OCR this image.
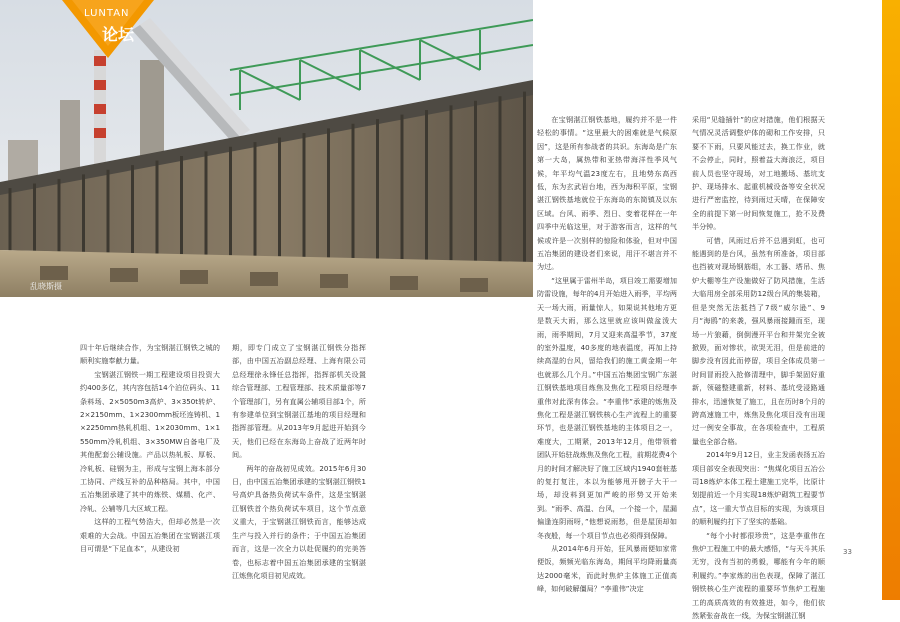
乱晓斯摄
LUNTAN
论坛

四十年后继续合作，为宝钢湛江钢铁之城的顺利实施奉献力量。

宝钢湛江钢铁一期工程建设项目投资大约400多亿，其内容包括14个泊位码头、11条料场、2×5050m3高炉、3×350t转炉、2×2150mm、1×2300mm板坯连铸机、1×2250mm热轧机组、1×2030mm、1×1550mm冷轧机组、3×350MW自备电厂及其他配套公辅设施。产品以热轧板、厚板、冷轧板、硅钢为主，形成与宝钢上海本部分工协同、产线互补的品种格局。其中，中国五冶集团承建了其中的炼铁、煤精、化产、冷轧、公辅等几大区域工程。

这样的工程气势浩大，但却必然是一次艰难的大会战。中国五冶集团在宝钢湛江项目可谓是“下足血本”，从建设初

期，即专门成立了宝钢湛江钢铁分指挥部，由中国五冶副总经理、上海有限公司总经理徐永锋任总指挥，指挥部机关设置综合管理部、工程管理部、技术质量部等7个管理部门，另有直属公辅项目部1个，所有参建单位到宝钢湛江基地的项目经理和指挥部管理。从2013年9月起进开始到今天，他们已经在东海岛上奋战了近两年时间。

两年的奋战初见成效。2015年6月30日，由中国五冶集团承建的宝钢湛江钢铁1号高炉具备热负荷试车条件，这是宝钢湛江钢铁首个热负荷试车项目，这个节点意义重大，于宝钢湛江钢铁而言，能够达成生产与投入并行的条件；于中国五冶集团而言，这是一次全力以赴促履约的完美答卷，也标志着中国五冶集团承建的宝钢湛江炼焦化项目初见成效。

在宝钢湛江钢铁基地，履约并不是一件轻松的事情。“这里最大的困难就是气候原因”，这是所有参战者的共识。东海岛是广东第一大岛，属热带和亚热带海洋性季风气候，年平均气温23度左右，且地势东高西低，东为玄武岩台地，西为海积平原，宝钢湛江钢铁基地就位于东海岛的东简镇及以东区域。台风、雨季、烈日、变着花样在一年四季中光临这里，对于游客而言，这样的气候或许是一次别样的惊险和体验，但对中国五冶集团的建设者们来说，用汗不堪言并不为过。

“这里属于雷州半岛，项目竣工需要增加防雷设施，每年的4月开始进入雨季，平均两天一场大雨，雨量惊人，如果说其他地方更是数天大雨，那么这里就应该叫做盆泼大雨，雨季期间，7月又迎来高温季节，37度的室外温度，40多度的地表温度，再加上持续高湿的台风，留给我们的施工黄金期一年也就那么几个月。”中国五冶集团宝钢广东湛江钢铁基地项目炼焦及焦化工程项目经理李重伟对此深有体会。“李重伟”承建的炼焦及焦化工程是湛江钢铁核心生产流程上的重要环节，也是湛江钢铁基地的主体项目之一，难度大，工期紧，2013年12月，他带领着团队开始驻战炼焦及焦化工程，前期花费4个月的时间才解决好了施工区域内1940套桩基的复打复注，本以为能够甩开膀子大干一场，却没料到更加严峻的形势又开始来到。“雨季、高温、台风，一个接一个，屋漏偏逢连阴雨呀，”他想说雨愁，但是屋顶却如冬夜般，每一个项目节点也必须得到保障。

从2014年6月开始，狂风暴雨便如家常便饭，频频光临东海岛，期间平均降雨量高达2000毫米，而此时焦炉主体施工正值高峰，如何破解僵局？“李重伟”决定

采用“见缝插针”的应对措施，他们根据天气情况灵活调整炉体的砌和工作安排，只要不下雨，只要风能过去，换工作业，就不会停止，同时，照着益大海浪泛，项目前人员也坚守现场，对工地搬场、基坑支护、现场排水、起重机械设备等安全状况进行严密监控，待到雨过天晴，在保障安全的前提下第一时间恢复施工，抢不及费半分钟。

可惜，风雨过后并不总遇到虹，也可能遇到的是台风，虽然有所准备，项目部也挡被对现场钢筋组，水工器、塔吊、焦炉大棚等生产设施做好了防风措施，生活大临用房全部采用防12级台风的集装箱，但是突然无法抵挡了7级“威尔逊”、9月“海鸥”的来袭，强风暴雨接踵而至，现场一片狼藉，倒倒漫开平台和井架完全被掀毁，面对惨状，欲哭无泪，但是前进的脚步没有因此而停留，项目全体成员第一时间冒雨投入抢修清理中，脚手架固好重新，领磁整建重新，材料、基坑受浸路通排水，迅速恢复了施工，且在历时8个月的跨高速施工中，炼焦及焦化项目没有出现过一例安全事故，在各项检查中，工程质量也全部合格。

2014年9月12日，业主发函表扬五冶项目部安全表现突出：“焦煤化项目五冶公司18炼炉本体工程土建施工完毕，比原计划提前近一个月实现18炼炉砌筑工程要节点”，这一重大节点目标的实现，为该项目的顺利履约打下了坚实的基础。

“每个小时都很珍贵”，这是李重伟在焦炉工程施工中的最大感悟，“与天斗其乐无穷，没有当初的勇毅，哪能有今年的顺利履约。”李家炼的出色表现，保障了湛江钢铁核心生产流程的重要环节焦炉工程施工的高质高效的有效推进，如今，他们依然紧张奋战在一线，为保宝钢湛江钢

33
